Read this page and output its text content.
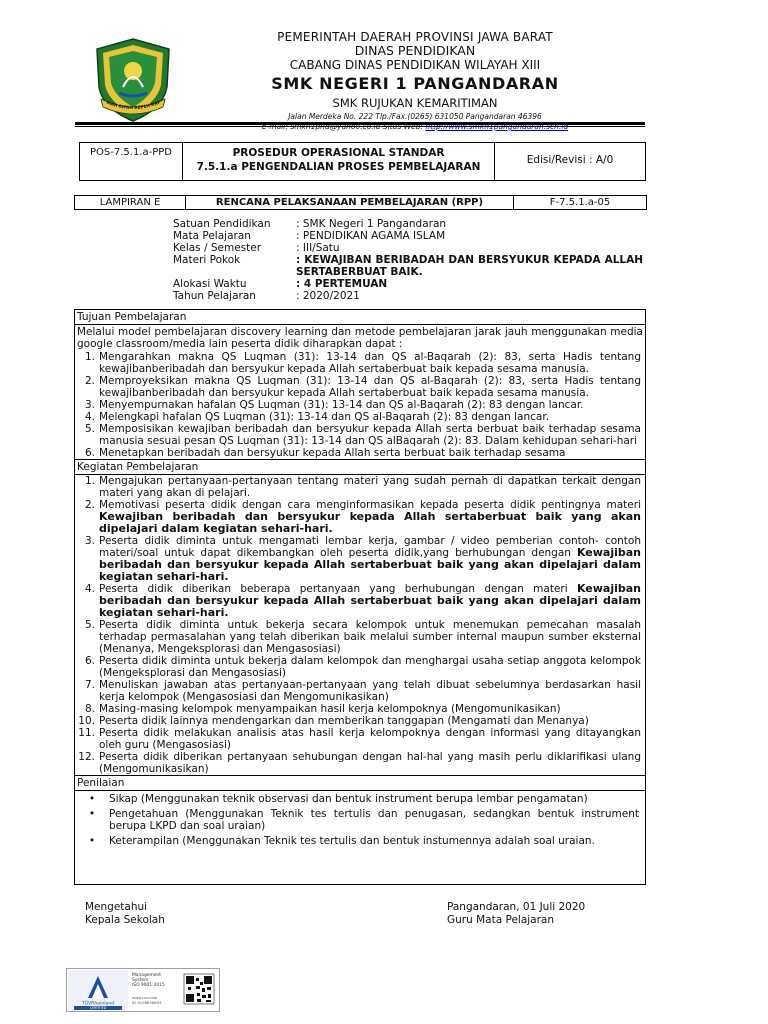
MAH RIPAH REPEH RAP
PEMERINTAH DAERAH PROVINSI JAWA BARAT
DINAS PENDIDIKAN
CABANG DINAS PENDIDIKAN WILAYAH XIII
SMK NEGERI 1 PANGANDARAN
SMK RUJUKAN KEMARITIMAN
Jalan Merdeka No. 222 Tlp./Fax.(0265) 631050 Pangandaran 46396
POS-7.5.1.a-PPD	PROSEDUR OPERASIONAL STANDAR
7.5.1.a PENGENDALIAN PROSES PEMBELAJARAN
Edisi/Revisi : A/0
LAMPIRAN E	RENCANA PELAKSANAAN PEMBELAJARAN (RPP)	F-7.5.1.a-05
Satuan Pendidikan	: SMK Negeri 1 Pangandaran
Mata Pelajaran	: PENDIDIKAN AGAMA ISLAM
Kelas / Semester	: III/Satu
Materi Pokok	: KEWAJIBAN BERIBADAH DAN BERSYUKUR KEPADA ALLAH SERTABERBUAT BAIK.
Alokasi Waktu	: 4 PERTEMUAN
Tahun Pelajaran	: 2020/2021
Tujuan Pembelajaran
Melalui model pembelajaran discovery learning dan metode pembelajaran jarak jauh menggunakan media google classroom/media lain peserta didik diharapkan dapat :
1. Mengarahkan makna QS Luqman (31): 13-14 dan QS al-Baqarah (2): 83, serta Hadis tentang kewajibanberibadah dan bersyukur kepada Allah sertaberbuat baik kepada sesama manusia.
2. Memproyeksikan makna QS Luqman (31): 13-14 dan QS al-Baqarah (2): 83, serta Hadis tentang kewajibanberibadah dan bersyukur kepada Allah sertaberbuat baik kepada sesama manusia.
3. Menyempurnakan hafalan QS Luqman (31): 13-14 dan QS al-Baqarah (2): 83 dengan lancar.
4. Melengkapi hafalan QS Luqman (31): 13-14 dan QS al-Baqarah (2): 83 dengan lancar.
5. Memposisikan kewajiban beribadah dan bersyukur kepada Allah serta berbuat baik terhadap sesama manusia sesuai pesan QS Luqman (31): 13-14 dan QS alBaqarah (2): 83. Dalam kehidupan sehari-hari
6. Menetapkan beribadah dan bersyukur kepada Allah serta berbuat baik terhadap sesama
Kegiatan Pembelajaran
1. Mengajukan pertanyaan-pertanyaan tentang materi yang sudah pernah di dapatkan terkait dengan materi yang akan di pelajari.
2. Memotivasi peserta didik dengan cara menginformasikan kepada peserta didik pentingnya materi Kewajiban beribadah dan bersyukur kepada Allah sertaberbuat baik yang akan dipelajari dalam kegiatan sehari-hari.
3. Peserta didik diminta untuk mengamati lembar kerja, gambar / video pemberian contoh- contoh materi/soal untuk dapat dikembangkan oleh peserta didik,yang berhubungan dengan Kewajiban beribadah dan bersyukur kepada Allah sertaberbuat baik yang akan dipelajari dalam kegiatan sehari-hari.
4. Peserta didik diberikan beberapa pertanyaan yang berhubungan dengan materi Kewajiban beribadah dan bersyukur kepada Allah sertaberbuat baik yang akan dipelajari dalam kegiatan sehari-hari.
5. Peserta didik diminta untuk bekerja secara kelompok untuk menemukan pemecahan masalah terhadap permasalahan yang telah diberikan baik melalui sumber internal maupun sumber eksternal (Menanya, Mengeksplorasi dan Mengasosiasi)
6. Peserta didik diminta untuk bekerja dalam kelompok dan menghargai usaha setiap anggota kelompok (Mengeksplorasi dan Mengasosiasi)
7. Menuliskan jawaban atas pertanyaan-pertanyaan yang telah dibuat sebelumnya berdasarkan hasil kerja kelompok (Mengasosiasi dan Mengomunikasikan)
8. Masing-masing kelompok menyampaikan hasil kerja kelompoknya (Mengomunikasikan)
10. Peserta didik lainnya mendengarkan dan memberikan tanggapan (Mengamati dan Menanya)
11. Peserta didik melakukan analisis atas hasil kerja kelompoknya dengan informasi yang ditayangkan oleh guru (Mengasosiasi)
12. Peserta didik diberikan pertanyaan sehubungan dengan hal-hal yang masih perlu diklarifikasi ulang (Mengomunikasikan)
Penilaian
•	Sikap (Menggunakan teknik observasi dan bentuk instrument berupa lembar pengamatan)
•	Pengetahuan (Menggunakan Teknik tes tertulis dan penugasan, sedangkan bentuk instrument berupa LKPD dan soal uraian)
•	Keterampilan (Menggunakan Teknik tes tertulis dan bentuk instumennya adalah soal uraian.
Mengetahui
Kepala Sekolah
Pangandaran, 01 Juli 2020
Guru Mata Pelajaran
TÜVRheinland
CERTIFIED
Management
System
ISO 9001:2015
www.tuv.com
ID 9108638693
